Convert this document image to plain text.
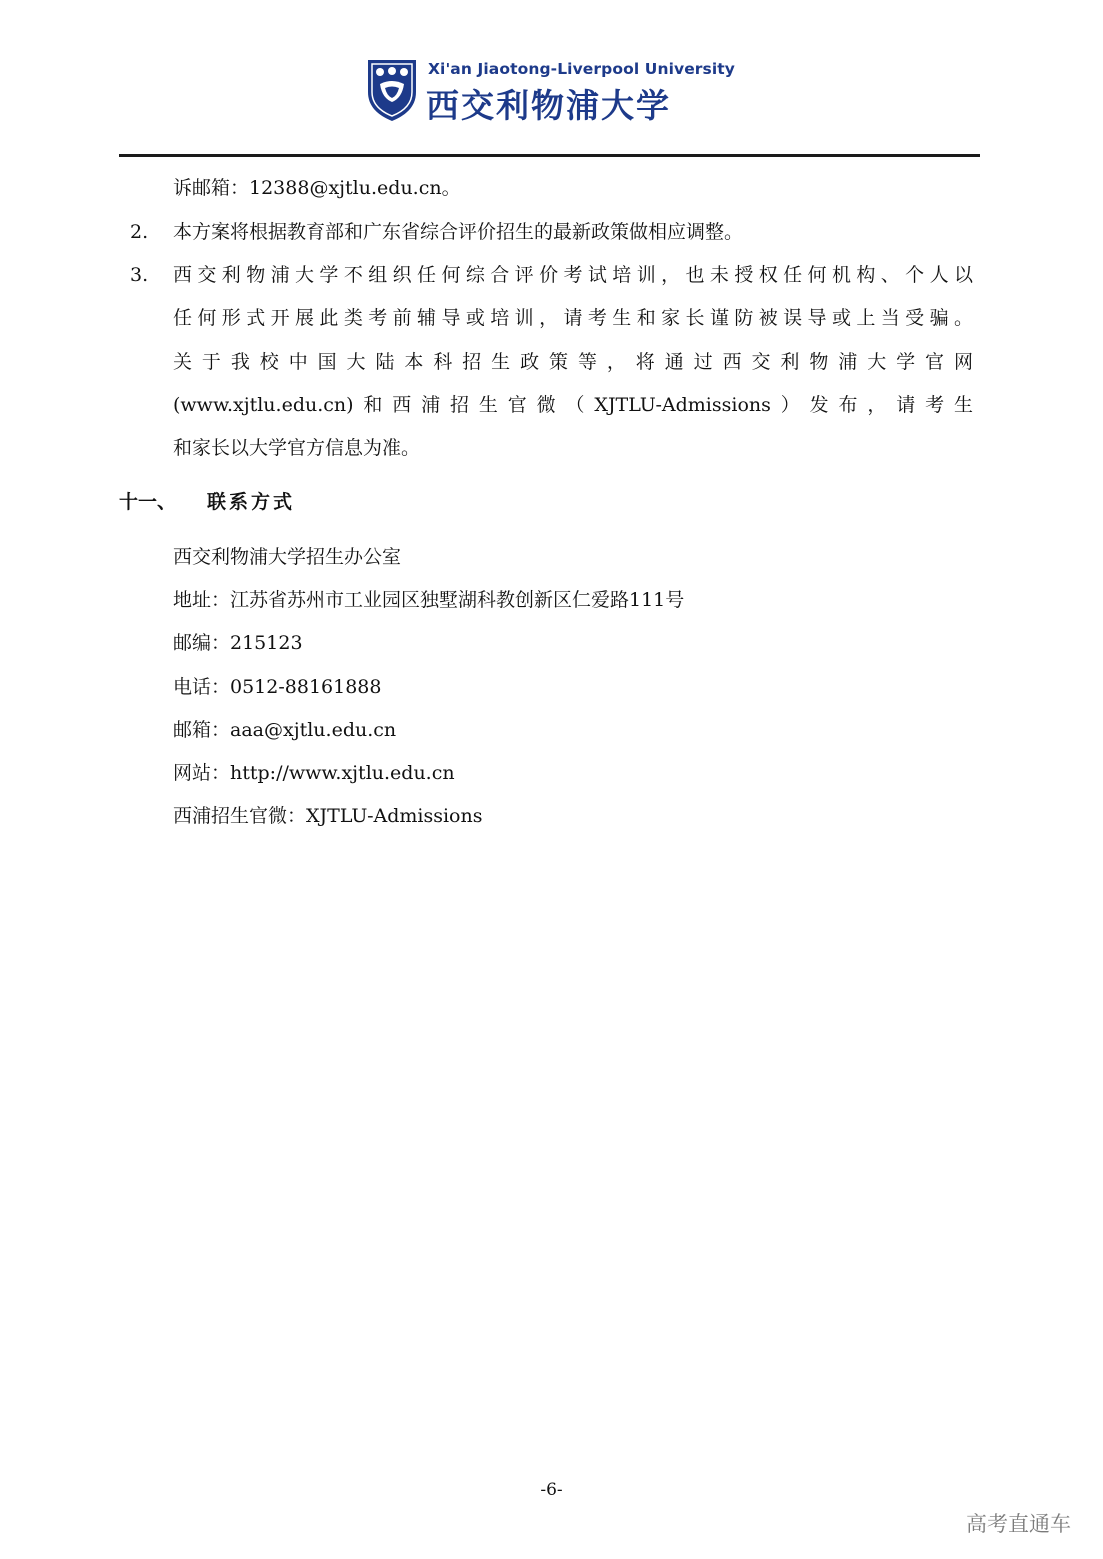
Xi'an Jiaotong-Liverpool University
西交利物浦大学
诉邮箱：12388@xjtlu.edu.cn。
2. 本方案将根据教育部和广东省综合评价招生的最新政策做相应调整。
3. 西交利物浦大学不组织任何综合评价考试培训，也未授权任何机构、个人以
任何形式开展此类考前辅导或培训，请考生和家长谨防被误导或上当受骗。
关于我校中国大陆本科招生政策等，将通过西交利物浦大学官网
(www.xjtlu.edu.cn)和西浦招生官微（XJTLU-Admissions）发布，请考生
和家长以大学官方信息为准。
十一、 联系方式
西交利物浦大学招生办公室
地址：江苏省苏州市工业园区独墅湖科教创新区仁爱路111号
邮编：215123
电话：0512-88161888
邮箱：aaa@xjtlu.edu.cn
网站：http://www.xjtlu.edu.cn
西浦招生官微：XJTLU-Admissions
-6-
高考直通车
